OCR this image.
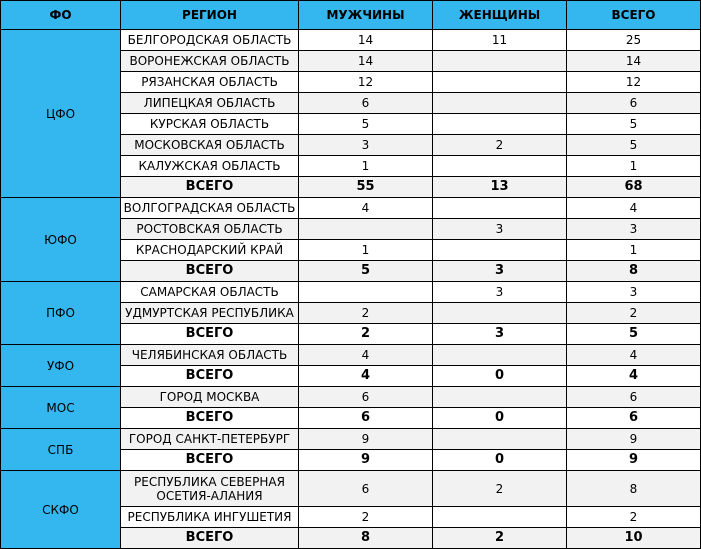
ФО	РЕГИОН	МУЖЧИНЫ	ЖЕНЩИНЫ	ВСЕГО
ЦФО	БЕЛГОРОДСКАЯ ОБЛАСТЬ	14	11	25
	ВОРОНЕЖСКАЯ ОБЛАСТЬ	14		14
	РЯЗАНСКАЯ ОБЛАСТЬ	12		12
	ЛИПЕЦКАЯ ОБЛАСТЬ	6		6
	КУРСКАЯ ОБЛАСТЬ	5		5
	МОСКОВСКАЯ ОБЛАСТЬ	3	2	5
	КАЛУЖСКАЯ ОБЛАСТЬ	1		1
	ВСЕГО	55	13	68
ЮФО	ВОЛГОГРАДСКАЯ ОБЛАСТЬ	4		4
	РОСТОВСКАЯ ОБЛАСТЬ		3	3
	КРАСНОДАРСКИЙ КРАЙ	1		1
	ВСЕГО	5	3	8
ПФО	САМАРСКАЯ ОБЛАСТЬ		3	3
	УДМУРТСКАЯ РЕСПУБЛИКА	2		2
	ВСЕГО	2	3	5
УФО	ЧЕЛЯБИНСКАЯ ОБЛАСТЬ	4		4
	ВСЕГО	4	0	4
МОС	ГОРОД МОСКВА	6		6
	ВСЕГО	6	0	6
СПБ	ГОРОД САНКТ-ПЕТЕРБУРГ	9		9
	ВСЕГО	9	0	9
СКФО	РЕСПУБЛИКА СЕВЕРНАЯ ОСЕТИЯ-АЛАНИЯ	6	2	8
	РЕСПУБЛИКА ИНГУШЕТИЯ	2		2
	ВСЕГО	8	2	10
